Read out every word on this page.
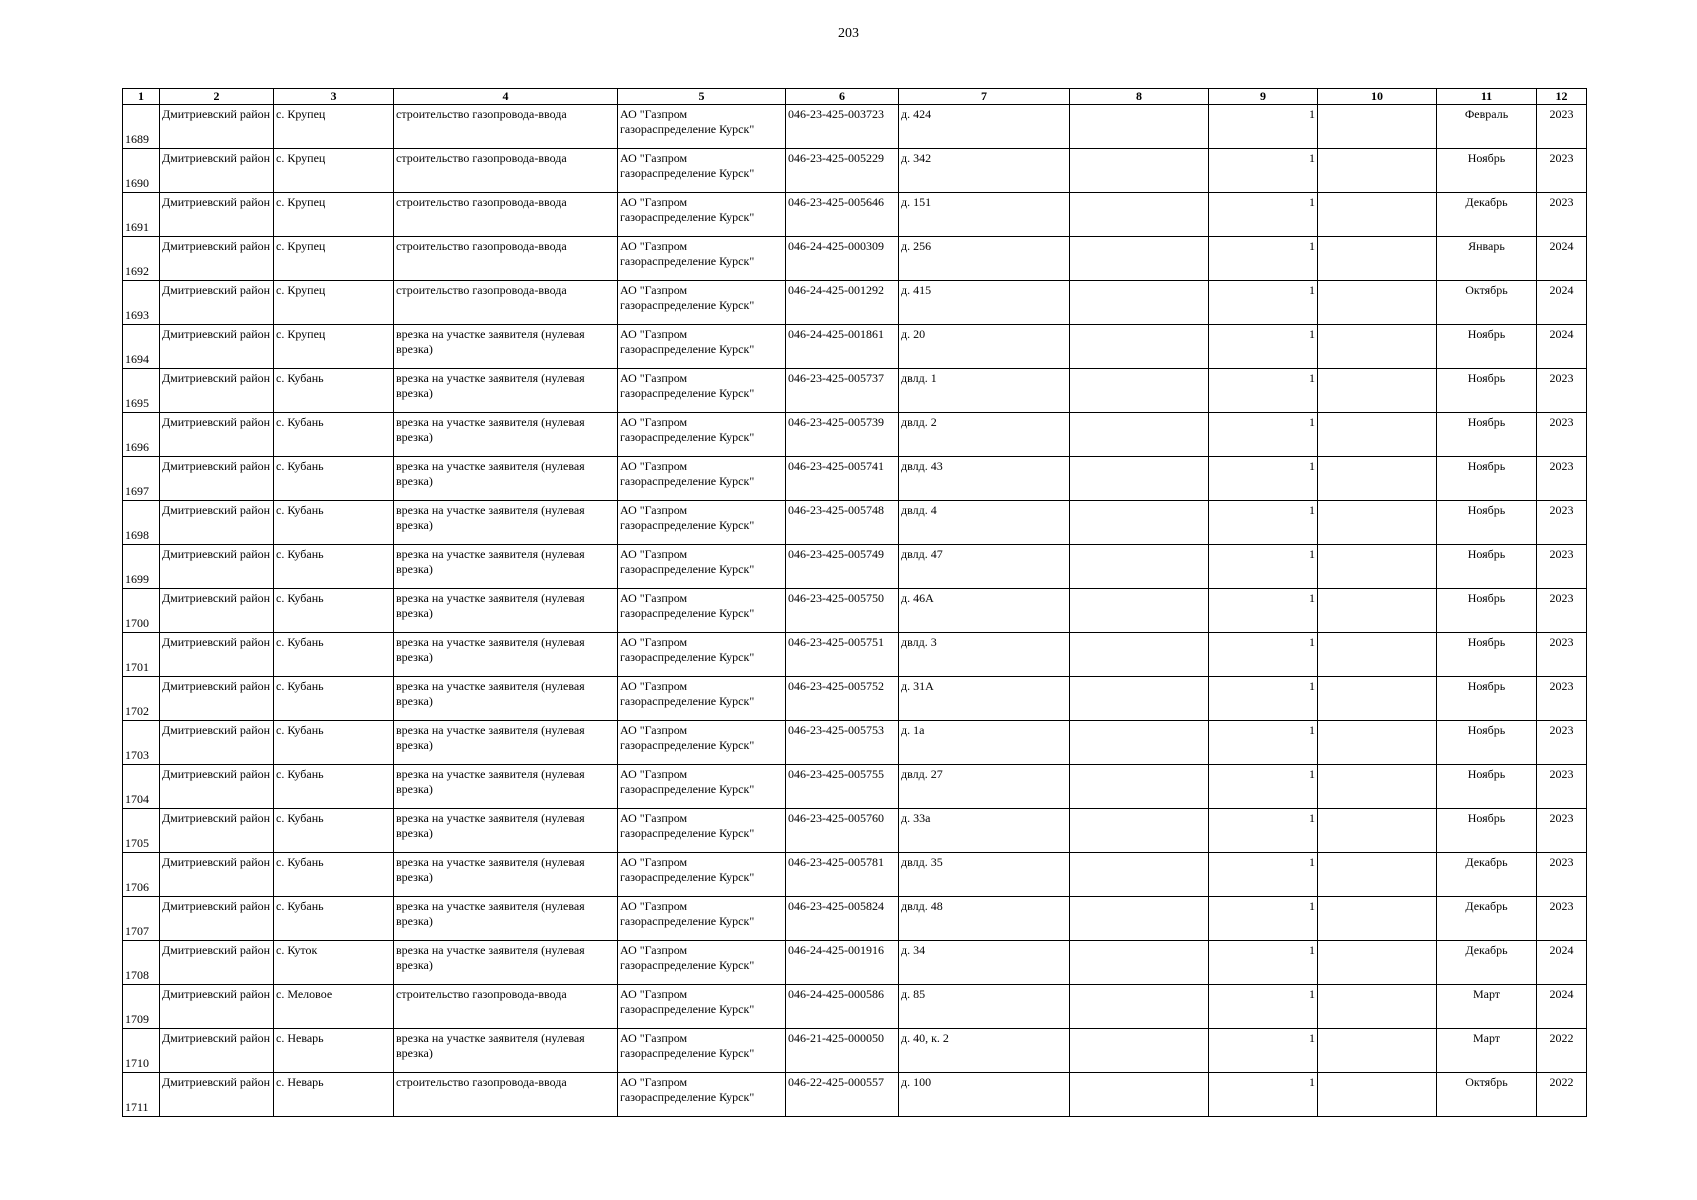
203
1	2	3	4	5	6	7	8	9	10	11	12
1689	Дмитриевский район	с. Крупец	строительство газопровода-ввода	АО "Газпром газораспределение Курск"	046-23-425-003723	д. 424		1		Февраль	2023
1690	Дмитриевский район	с. Крупец	строительство газопровода-ввода	АО "Газпром газораспределение Курск"	046-23-425-005229	д. 342		1		Ноябрь	2023
1691	Дмитриевский район	с. Крупец	строительство газопровода-ввода	АО "Газпром газораспределение Курск"	046-23-425-005646	д. 151		1		Декабрь	2023
1692	Дмитриевский район	с. Крупец	строительство газопровода-ввода	АО "Газпром газораспределение Курск"	046-24-425-000309	д. 256		1		Январь	2024
1693	Дмитриевский район	с. Крупец	строительство газопровода-ввода	АО "Газпром газораспределение Курск"	046-24-425-001292	д. 415		1		Октябрь	2024
1694	Дмитриевский район	с. Крупец	врезка на участке заявителя (нулевая врезка)	АО "Газпром газораспределение Курск"	046-24-425-001861	д. 20		1		Ноябрь	2024
1695	Дмитриевский район	с. Кубань	врезка на участке заявителя (нулевая врезка)	АО "Газпром газораспределение Курск"	046-23-425-005737	двлд. 1		1		Ноябрь	2023
1696	Дмитриевский район	с. Кубань	врезка на участке заявителя (нулевая врезка)	АО "Газпром газораспределение Курск"	046-23-425-005739	двлд. 2		1		Ноябрь	2023
1697	Дмитриевский район	с. Кубань	врезка на участке заявителя (нулевая врезка)	АО "Газпром газораспределение Курск"	046-23-425-005741	двлд. 43		1		Ноябрь	2023
1698	Дмитриевский район	с. Кубань	врезка на участке заявителя (нулевая врезка)	АО "Газпром газораспределение Курск"	046-23-425-005748	двлд. 4		1		Ноябрь	2023
1699	Дмитриевский район	с. Кубань	врезка на участке заявителя (нулевая врезка)	АО "Газпром газораспределение Курск"	046-23-425-005749	двлд. 47		1		Ноябрь	2023
1700	Дмитриевский район	с. Кубань	врезка на участке заявителя (нулевая врезка)	АО "Газпром газораспределение Курск"	046-23-425-005750	д. 46А		1		Ноябрь	2023
1701	Дмитриевский район	с. Кубань	врезка на участке заявителя (нулевая врезка)	АО "Газпром газораспределение Курск"	046-23-425-005751	двлд. 3		1		Ноябрь	2023
1702	Дмитриевский район	с. Кубань	врезка на участке заявителя (нулевая врезка)	АО "Газпром газораспределение Курск"	046-23-425-005752	д. 31А		1		Ноябрь	2023
1703	Дмитриевский район	с. Кубань	врезка на участке заявителя (нулевая врезка)	АО "Газпром газораспределение Курск"	046-23-425-005753	д. 1а		1		Ноябрь	2023
1704	Дмитриевский район	с. Кубань	врезка на участке заявителя (нулевая врезка)	АО "Газпром газораспределение Курск"	046-23-425-005755	двлд. 27		1		Ноябрь	2023
1705	Дмитриевский район	с. Кубань	врезка на участке заявителя (нулевая врезка)	АО "Газпром газораспределение Курск"	046-23-425-005760	д. 33а		1		Ноябрь	2023
1706	Дмитриевский район	с. Кубань	врезка на участке заявителя (нулевая врезка)	АО "Газпром газораспределение Курск"	046-23-425-005781	двлд. 35		1		Декабрь	2023
1707	Дмитриевский район	с. Кубань	врезка на участке заявителя (нулевая врезка)	АО "Газпром газораспределение Курск"	046-23-425-005824	двлд. 48		1		Декабрь	2023
1708	Дмитриевский район	с. Куток	врезка на участке заявителя (нулевая врезка)	АО "Газпром газораспределение Курск"	046-24-425-001916	д. 34		1		Декабрь	2024
1709	Дмитриевский район	с. Меловое	строительство газопровода-ввода	АО "Газпром газораспределение Курск"	046-24-425-000586	д. 85		1		Март	2024
1710	Дмитриевский район	с. Неварь	врезка на участке заявителя (нулевая врезка)	АО "Газпром газораспределение Курск"	046-21-425-000050	д. 40, к. 2		1		Март	2022
1711	Дмитриевский район	с. Неварь	строительство газопровода-ввода	АО "Газпром газораспределение Курск"	046-22-425-000557	д. 100		1		Октябрь	2022
